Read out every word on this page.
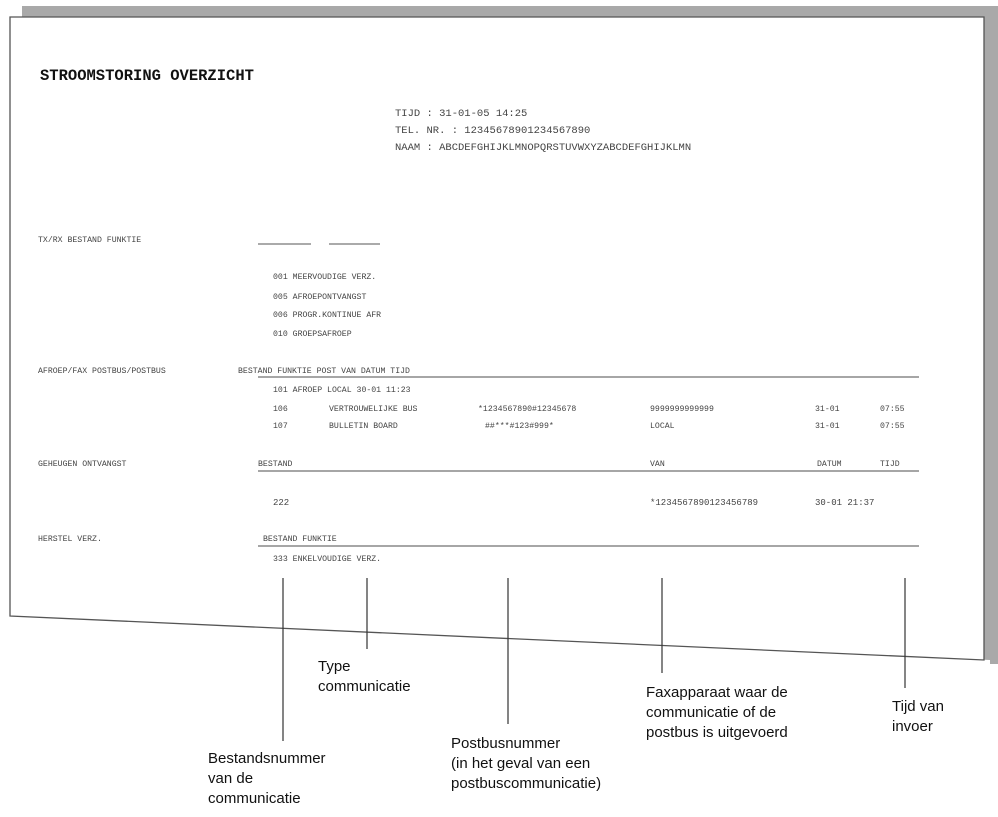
STROOMSTORING OVERZICHT
TIJD : 31-01-05 14:25
TEL. NR. : 12345678901234567890
NAAM : ABCDEFGHIJKLMNOPQRSTUVWXYZABCDEFGHIJKLMN
TX/RX BESTAND FUNKTIE
001 MEERVOUDIGE VERZ.
005 AFROEPONTVANGST
006 PROGR.KONTINUE AFR
010 GROEPSAFROEP
AFROEP/FAX POSTBUS/POSTBUS	BESTAND FUNKTIE POST VAN DATUM TIJD
101 AFROEP LOCAL 30-01 11:23
106	VERTROUWELIJKE BUS	*1234567890#12345678	9999999999999	31-01	07:55
107	BULLETIN BOARD	##***#123#999*	LOCAL	31-01	07:55
GEHEUGEN ONTVANGST	BESTAND	VAN	DATUM	TIJD
222	*12345678901234567​89	30-01 21:37
HERSTEL VERZ.	BESTAND FUNKTIE
333 ENKELVOUDIGE VERZ.
Type
communicatie
Bestandsnummer
van de
communicatie
Postbusnummer
(in het geval van een
postbuscommunicatie)
Faxapparaat waar de
communicatie of de
postbus is uitgevoerd
Tijd van
invoer
